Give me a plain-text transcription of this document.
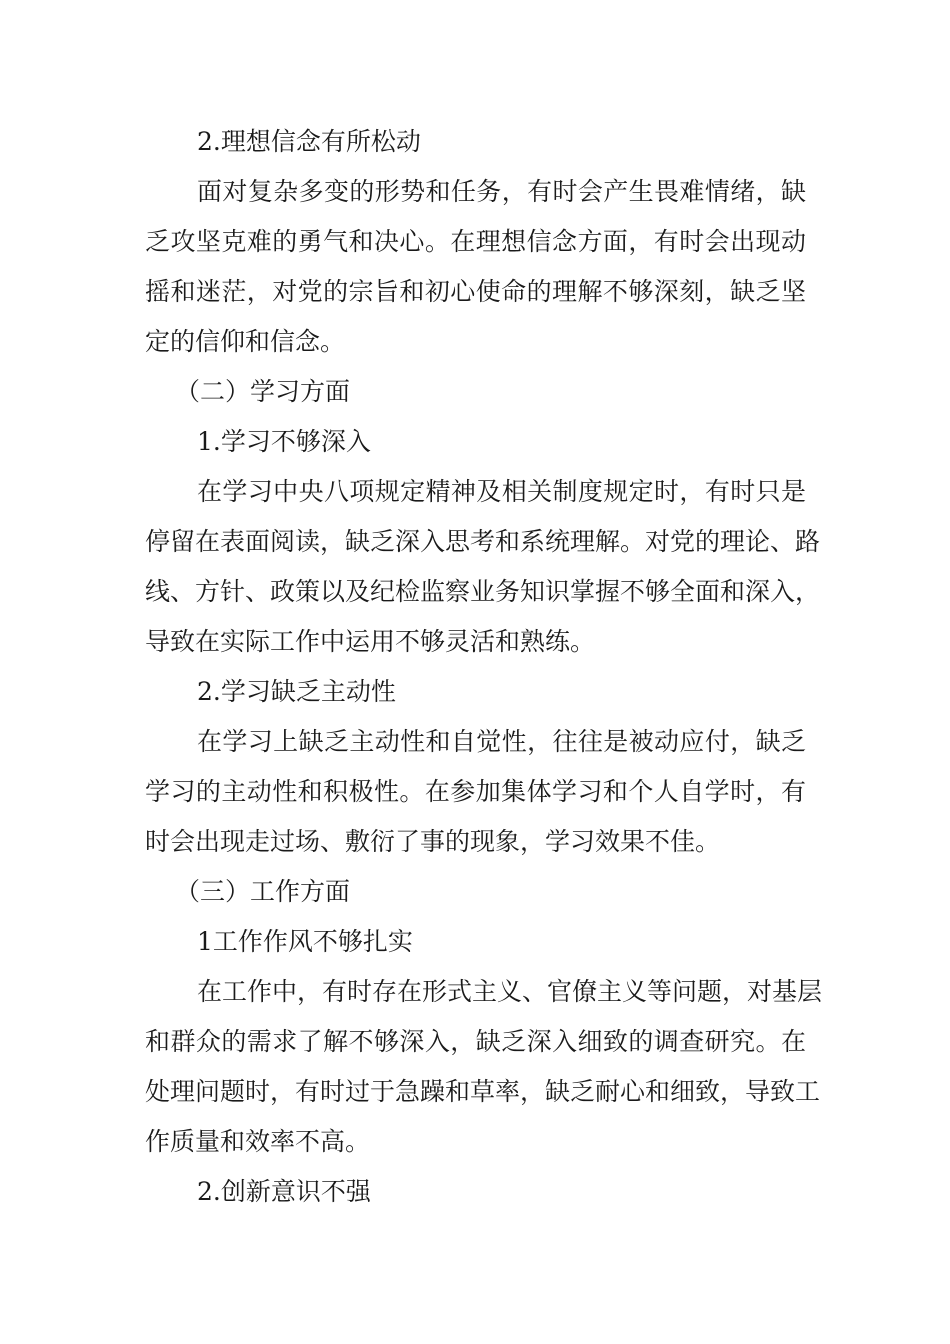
2.理想信念有所松动
面对复杂多变的形势和任务，有时会产生畏难情绪，缺
乏攻坚克难的勇气和决心。在理想信念方面，有时会出现动
摇和迷茫，对党的宗旨和初心使命的理解不够深刻，缺乏坚
定的信仰和信念。
（二）学习方面
1.学习不够深入
在学习中央八项规定精神及相关制度规定时，有时只是
停留在表面阅读，缺乏深入思考和系统理解。对党的理论、路
线、方针、政策以及纪检监察业务知识掌握不够全面和深入，
导致在实际工作中运用不够灵活和熟练。
2.学习缺乏主动性
在学习上缺乏主动性和自觉性，往往是被动应付，缺乏
学习的主动性和积极性。在参加集体学习和个人自学时，有
时会出现走过场、敷衍了事的现象，学习效果不佳。
（三）工作方面
1工作作风不够扎实
在工作中，有时存在形式主义、官僚主义等问题，对基层
和群众的需求了解不够深入，缺乏深入细致的调查研究。在
处理问题时，有时过于急躁和草率，缺乏耐心和细致，导致工
作质量和效率不高。
2.创新意识不强
